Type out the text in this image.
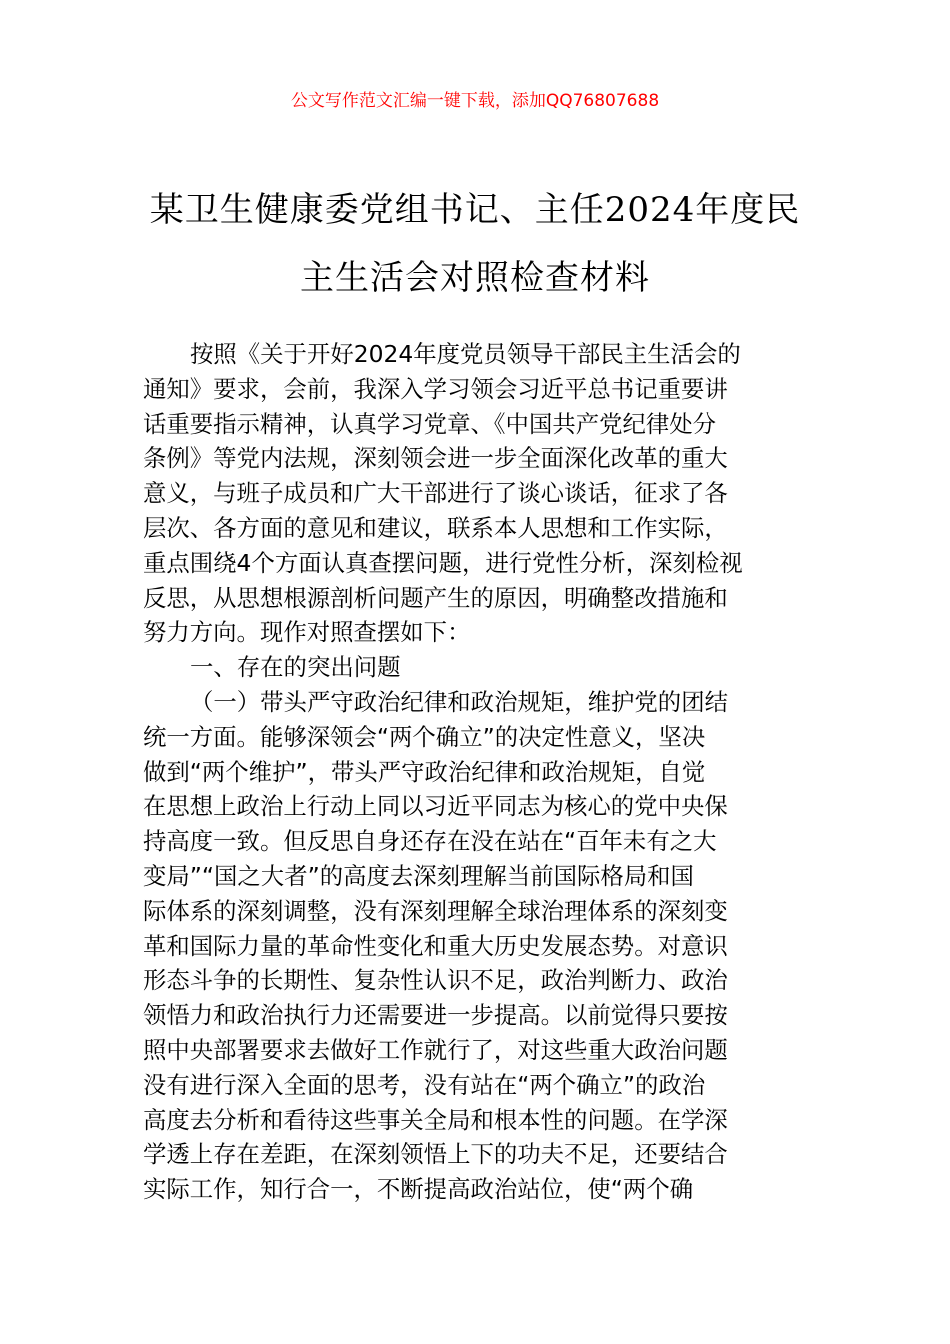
公文写作范文汇编一键下载，添加QQ76807688
某卫生健康委党组书记、主任2024年度民
主生活会对照检查材料
按照《关于开好2024年度党员领导干部民主生活会的
通知》要求，会前，我深入学习领会习近平总书记重要讲
话重要指示精神，认真学习党章、《中国共产党纪律处分
条例》等党内法规，深刻领会进一步全面深化改革的重大
意义，与班子成员和广大干部进行了谈心谈话，征求了各
层次、各方面的意见和建议，联系本人思想和工作实际，
重点围绕4个方面认真查摆问题，进行党性分析，深刻检视
反思，从思想根源剖析问题产生的原因，明确整改措施和
努力方向。现作对照查摆如下：
一、存在的突出问题
（一）带头严守政治纪律和政治规矩，维护党的团结
统一方面。能够深领会“两个确立”的决定性意义，坚决
做到“两个维护”，带头严守政治纪律和政治规矩，自觉
在思想上政治上行动上同以习近平同志为核心的党中央保
持高度一致。但反思自身还存在没在站在“百年未有之大
变局”“国之大者”的高度去深刻理解当前国际格局和国
际体系的深刻调整，没有深刻理解全球治理体系的深刻变
革和国际力量的革命性变化和重大历史发展态势。对意识
形态斗争的长期性、复杂性认识不足，政治判断力、政治
领悟力和政治执行力还需要进一步提高。以前觉得只要按
照中央部署要求去做好工作就行了，对这些重大政治问题
没有进行深入全面的思考，没有站在“两个确立”的政治
高度去分析和看待这些事关全局和根本性的问题。在学深
学透上存在差距，在深刻领悟上下的功夫不足，还要结合
实际工作，知行合一，不断提高政治站位，使“两个确
